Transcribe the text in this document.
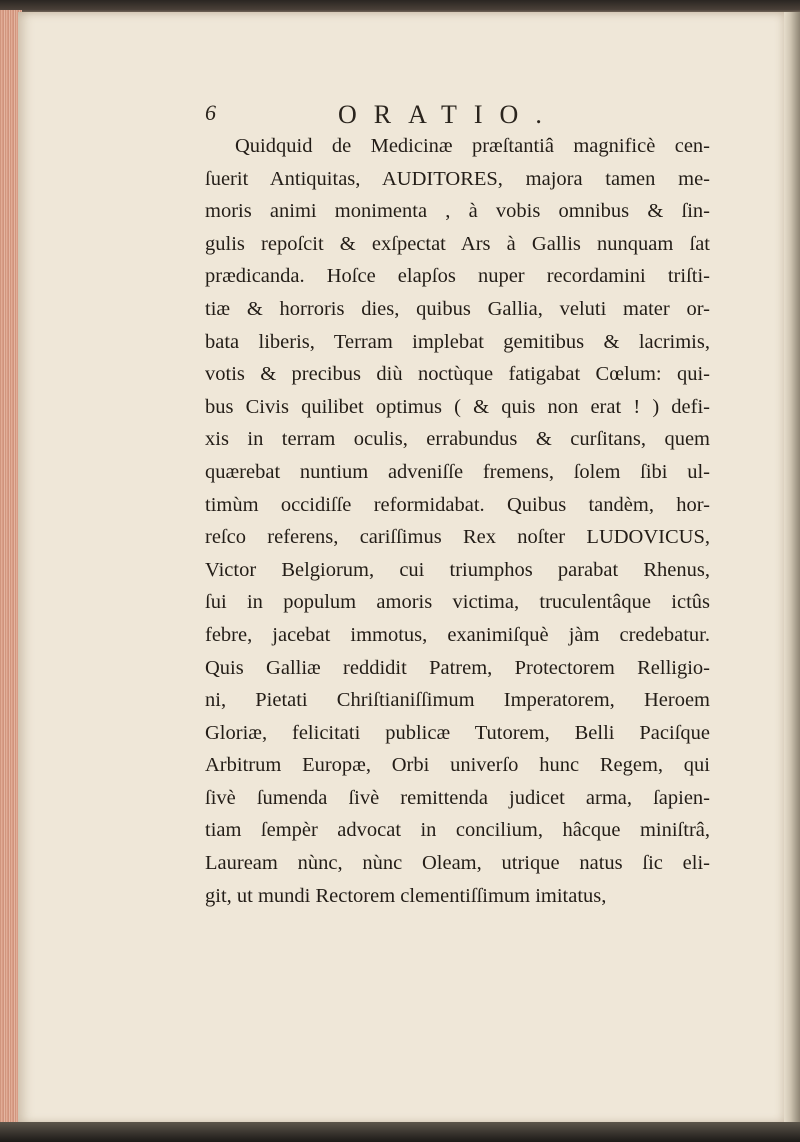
6	ORATIO.
Quidquid de Medicinæ præſtantiâ magnificè cen-
ſuerit Antiquitas, AUDITORES, majora tamen me-
moris animi monimenta , à vobis omnibus & ſin-
gulis repoſcit & exſpectat Ars à Gallis nunquam ſat
prædicanda. Hoſce elapſos nuper recordamini triſti-
tiæ & horroris dies, quibus Gallia, veluti mater or-
bata liberis, Terram implebat gemitibus & lacrimis,
votis & precibus diù noctùque fatigabat Cœlum: qui-
bus Civis quilibet optimus ( & quis non erat ! ) defi-
xis in terram oculis, errabundus & curſitans, quem
quærebat nuntium adveniſſe fremens, ſolem ſibi ul-
timùm occidiſſe reformidabat. Quibus tandèm, hor-
reſco referens, cariſſimus Rex noſter LUDOVICUS,
Victor Belgiorum, cui triumphos parabat Rhenus,
ſui in populum amoris victima, truculentâque ictûs
febre, jacebat immotus, exanimiſquè jàm credebatur.
Quis Galliæ reddidit Patrem, Protectorem Relligio-
ni, Pietati Chriſtianiſſimum Imperatorem, Heroem
Gloriæ, felicitati publicæ Tutorem, Belli Paciſque
Arbitrum Europæ, Orbi univerſo hunc Regem, qui
ſivè ſumenda ſivè remittenda judicet arma, ſapien-
tiam ſempèr advocat in concilium, hâcque miniſtrâ,
Lauream nùnc, nùnc Oleam, utrique natus ſic eli-
git, ut mundi Rectorem clementiſſimum imitatus,
